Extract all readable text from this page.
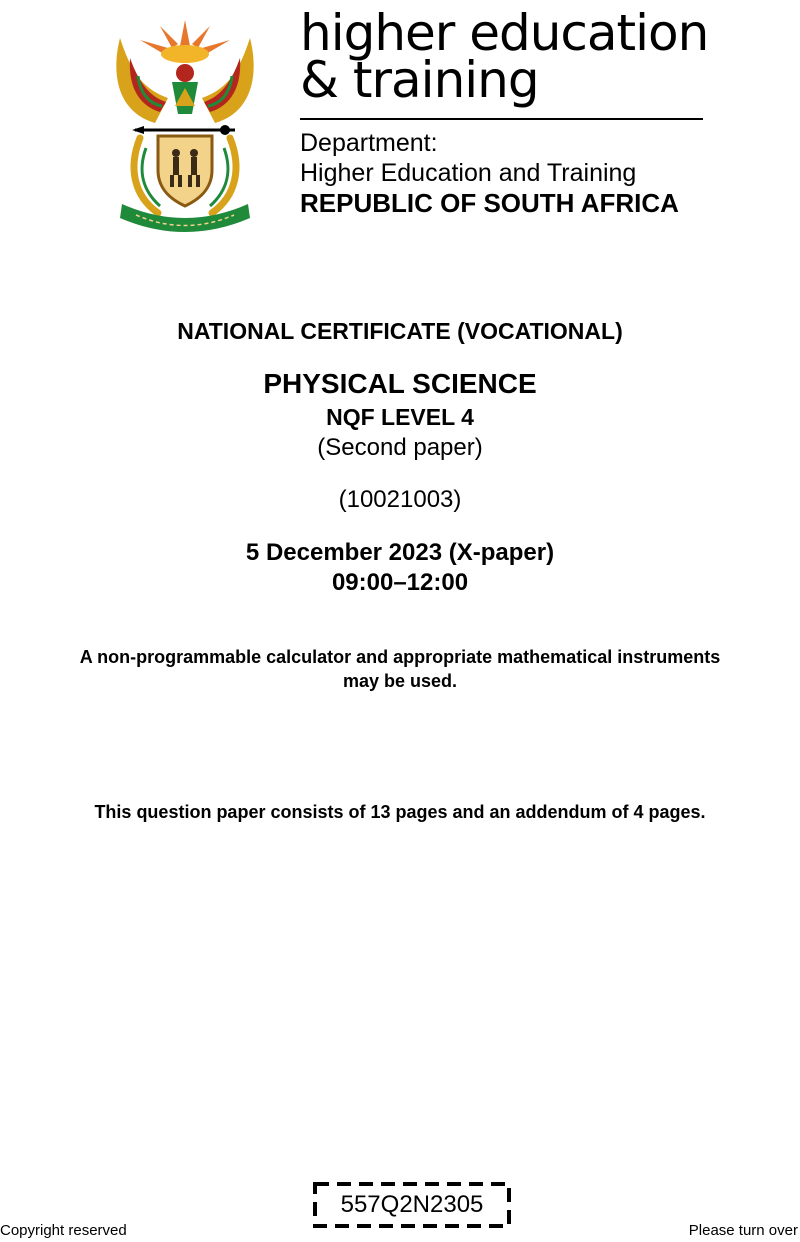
higher education
& training
Department:
Higher Education and Training
REPUBLIC OF SOUTH AFRICA
NATIONAL CERTIFICATE (VOCATIONAL)
PHYSICAL SCIENCE
NQF LEVEL 4
(Second paper)
(10021003)
5 December 2023 (X-paper)
09:00–12:00
A non-programmable calculator and appropriate mathematical instruments
may be used.
This question paper consists of 13 pages and an addendum of 4 pages.
557Q2N2305
Copyright reserved	Please turn over
